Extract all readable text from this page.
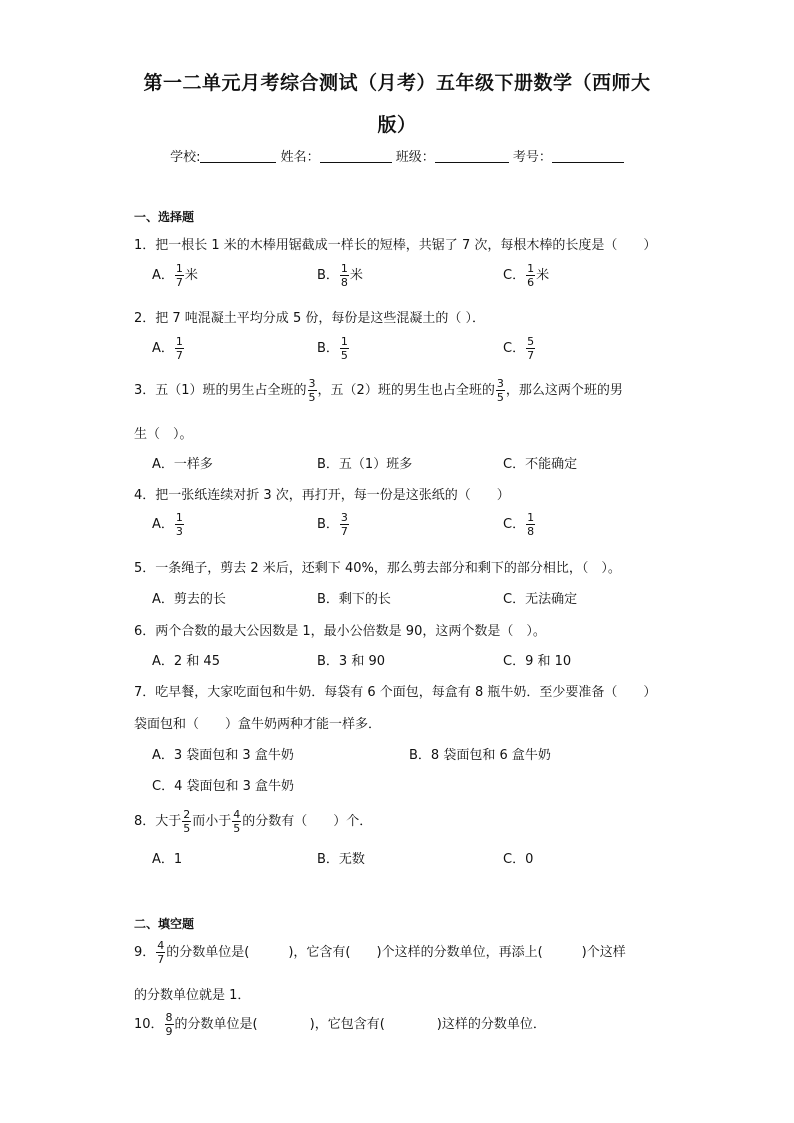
第一二单元月考综合测试（月考）五年级下册数学（西师大
版）
学校:	姓名：	班级：	考号：
一、选择题
1．把一根长 1 米的木棒用锯截成一样长的短棒，共锯了 7 次，每根木棒的长度是（　　）
A． $\frac{1}{7}$ 米	B． $\frac{1}{8}$ 米	C． $\frac{1}{6}$ 米
2．把 7 吨混凝土平均分成 5 份，每份是这些混凝土的（ ）．
A． $\frac{1}{7}$	B． $\frac{1}{5}$	C． $\frac{5}{7}$
3．五（1）班的男生占全班的 $\frac{3}{5}$ ，五（2）班的男生也占全班的 $\frac{3}{5}$ ，那么这两个班的男
生（　）。
A．一样多	B．五（1）班多	C．不能确定
4．把一张纸连续对折 3 次，再打开，每一份是这张纸的（　　）
A． $\frac{1}{3}$	B． $\frac{3}{7}$	C． $\frac{1}{8}$
5．一条绳子，剪去 2 米后，还剩下 40%，那么剪去部分和剩下的部分相比，（　）。
A．剪去的长	B．剩下的长	C．无法确定
6．两个合数的最大公因数是 1，最小公倍数是 90，这两个数是（　）。
A．2 和 45	B．3 和 90	C．9 和 10
7．吃早餐，大家吃面包和牛奶．每袋有 6 个面包，每盒有 8 瓶牛奶．至少要准备（　　）
袋面包和（　　）盒牛奶两种才能一样多．
A．3 袋面包和 3 盒牛奶	B．8 袋面包和 6 盒牛奶
C．4 袋面包和 3 盒牛奶
8．大于 $\frac{2}{5}$ 而小于 $\frac{4}{5}$ 的分数有（　　）个．
A．1	B．无数	C．0
二、填空题
9． $\frac{4}{7}$ 的分数单位是(　　　)，它含有(　　)个这样的分数单位，再添上(　　　)个这样
的分数单位就是 1．
10． $\frac{8}{9}$ 的分数单位是(　　　　)，它包含有(　　　　)这样的分数单位．
